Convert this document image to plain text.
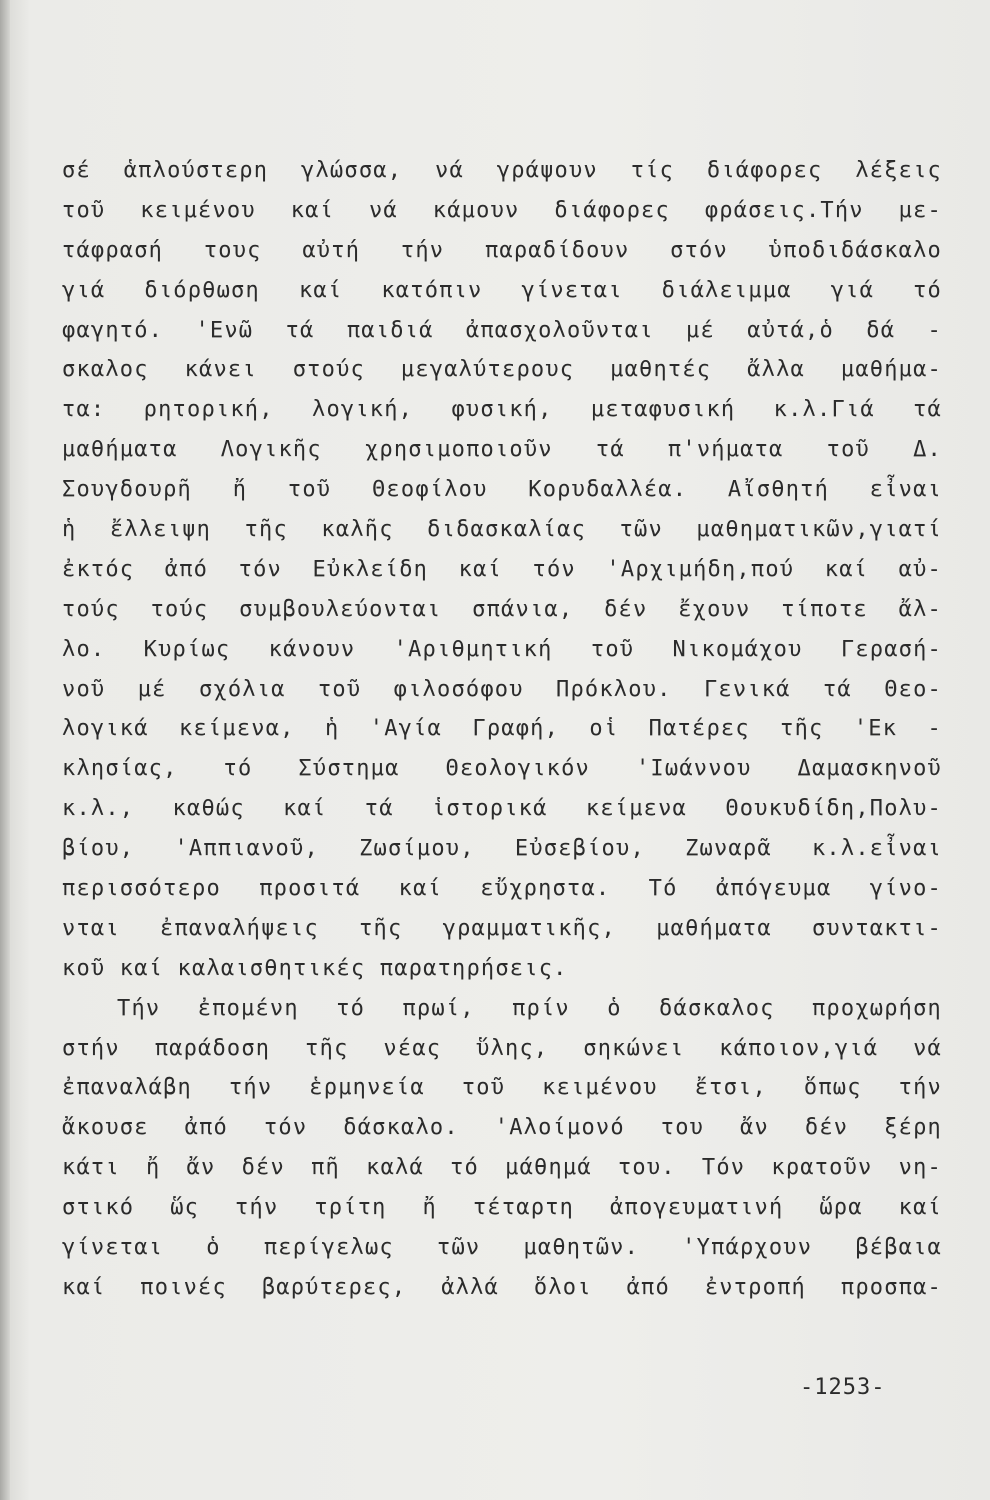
σέ ἁπλούστερη γλώσσα, νά γράψουν τίς διάφορες λέξεις
τοῦ κειμένου καί νά κάμουν διάφορες φράσεις.Τήν με-
τάφρασή τους αὐτή τήν παραδίδουν στόν ὑποδιδάσκαλο
γιά διόρθωση καί κατόπιν γίνεται διάλειμμα γιά τό
φαγητό. 'Ενῶ τά παιδιά ἀπασχολοῦνται μέ αὐτά,ὁ δά -
σκαλος κάνει στούς μεγαλύτερους μαθητές ἄλλα μαθήμα-
τα: ρητορική, λογική, φυσική, μεταφυσική κ.λ.Γιά τά
μαθήματα Λογικῆς χρησιμοποιοῦν τά π'νήματα τοῦ Δ.
Σουγδουρῆ ἤ τοῦ Θεοφίλου Κορυδαλλέα. Αἴσθητή εἶναι
ἡ ἔλλειψη τῆς καλῆς διδασκαλίας τῶν μαθηματικῶν,γιατί
ἐκτός ἀπό τόν Εὐκλείδη καί τόν 'Αρχιμήδη,πού καί αὐ-
τούς τούς συμβουλεύονται σπάνια, δέν ἔχουν τίποτε ἄλ-
λο. Κυρίως κάνουν 'Αριθμητική τοῦ Νικομάχου Γερασή-
νοῦ μέ σχόλια τοῦ φιλοσόφου Πρόκλου. Γενικά τά Θεο-
λογικά κείμενα, ἡ 'Αγία Γραφή, οἱ Πατέρες τῆς 'Εκ -
κλησίας, τό Σύστημα Θεολογικόν 'Ιωάννου Δαμασκηνοῦ
κ.λ., καθώς καί τά ἱστορικά κείμενα Θουκυδίδη,Πολυ-
βίου, 'Αππιανοῦ, Ζωσίμου, Εὐσεβίου, Ζωναρᾶ κ.λ.εἶναι
περισσότερο προσιτά καί εὔχρηστα. Τό ἀπόγευμα γίνο-
νται ἐπαναλήψεις τῆς γραμματικῆς, μαθήματα συντακτι-
κοῦ καί καλαισθητικές παρατηρήσεις.
Τήν ἐπομένη τό πρωί, πρίν ὁ δάσκαλος προχωρήση
στήν παράδοση τῆς νέας ὕλης, σηκώνει κάποιον,γιά νά
ἐπαναλάβη τήν ἑρμηνεία τοῦ κειμένου ἔτσι, ὅπως τήν
ἄκουσε ἀπό τόν δάσκαλο. 'Αλοίμονό του ἄν δέν ξέρη
κάτι ἤ ἄν δέν πῆ καλά τό μάθημά του. Τόν κρατοῦν νη-
στικό ὥς τήν τρίτη ἤ τέταρτη ἀπογευματινή ὥρα καί
γίνεται ὁ περίγελως τῶν μαθητῶν. 'Υπάρχουν βέβαια
καί ποινές βαρύτερες, ἀλλά ὅλοι ἀπό ἐντροπή προσπα-
-1253-
